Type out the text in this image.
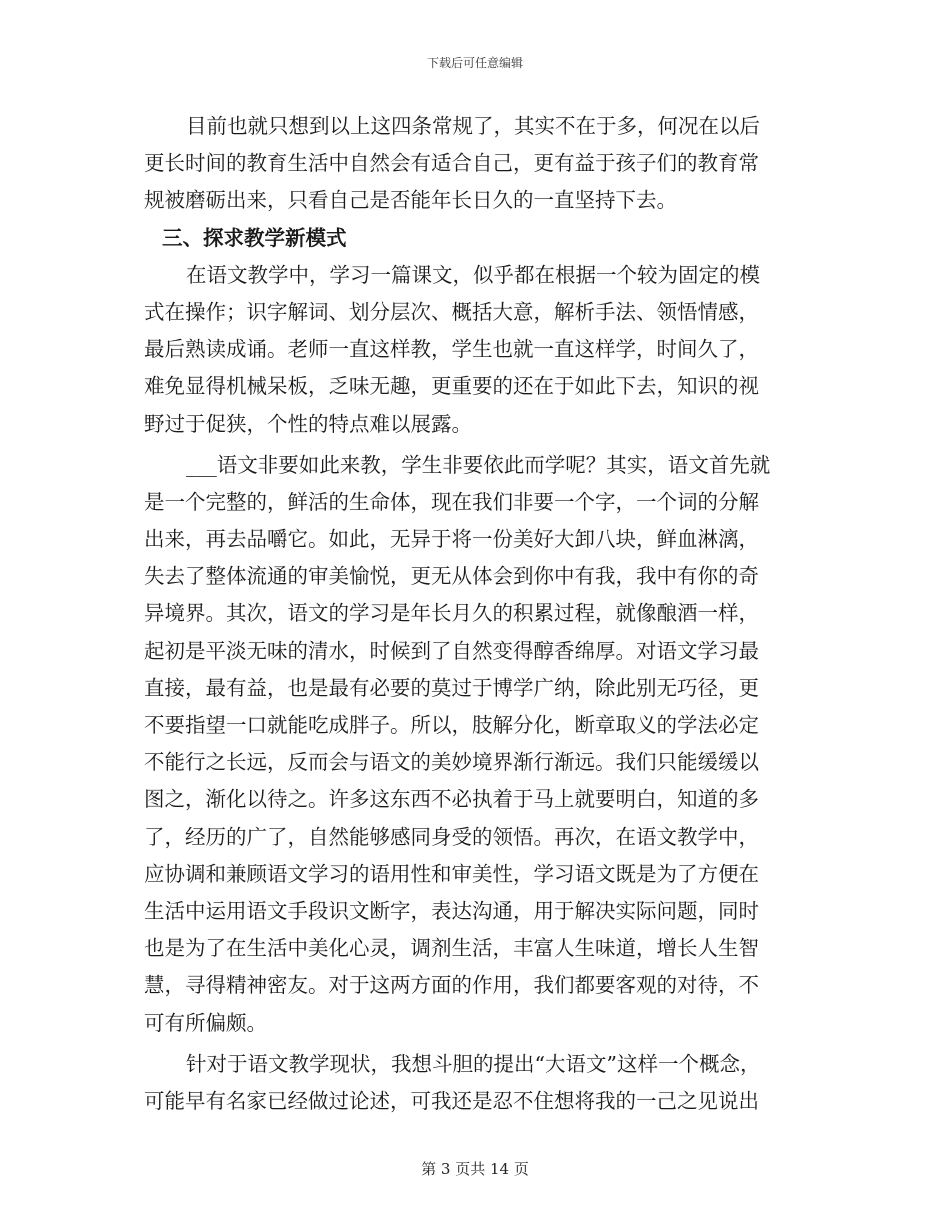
下载后可任意编辑
目前也就只想到以上这四条常规了，其实不在于多，何况在以后
更长时间的教育生活中自然会有适合自己，更有益于孩子们的教育常
规被磨砺出来，只看自己是否能年长日久的一直坚持下去。
三、探求教学新模式
在语文教学中，学习一篇课文，似乎都在根据一个较为固定的模
式在操作；识字解词、划分层次、概括大意，解析手法、领悟情感，
最后熟读成诵。老师一直这样教，学生也就一直这样学，时间久了，
难免显得机械呆板，乏味无趣，更重要的还在于如此下去，知识的视
野过于促狭，个性的特点难以展露。
___语文非要如此来教，学生非要依此而学呢？其实，语文首先就
是一个完整的，鲜活的生命体，现在我们非要一个字，一个词的分解
出来，再去品嚼它。如此，无异于将一份美好大卸八块，鲜血淋漓，
失去了整体流通的审美愉悦，更无从体会到你中有我，我中有你的奇
异境界。其次，语文的学习是年长月久的积累过程，就像酿酒一样，
起初是平淡无味的清水，时候到了自然变得醇香绵厚。对语文学习最
直接，最有益，也是最有必要的莫过于博学广纳，除此别无巧径，更
不要指望一口就能吃成胖子。所以，肢解分化，断章取义的学法必定
不能行之长远，反而会与语文的美妙境界渐行渐远。我们只能缓缓以
图之，渐化以待之。许多这东西不必执着于马上就要明白，知道的多
了，经历的广了，自然能够感同身受的领悟。再次，在语文教学中，
应协调和兼顾语文学习的语用性和审美性，学习语文既是为了方便在
生活中运用语文手段识文断字，表达沟通，用于解决实际问题，同时
也是为了在生活中美化心灵，调剂生活，丰富人生味道，增长人生智
慧，寻得精神密友。对于这两方面的作用，我们都要客观的对待，不
可有所偏颇。
针对于语文教学现状，我想斗胆的提出“大语文”这样一个概念，
可能早有名家已经做过论述，可我还是忍不住想将我的一己之见说出
第 3 页共 14 页
